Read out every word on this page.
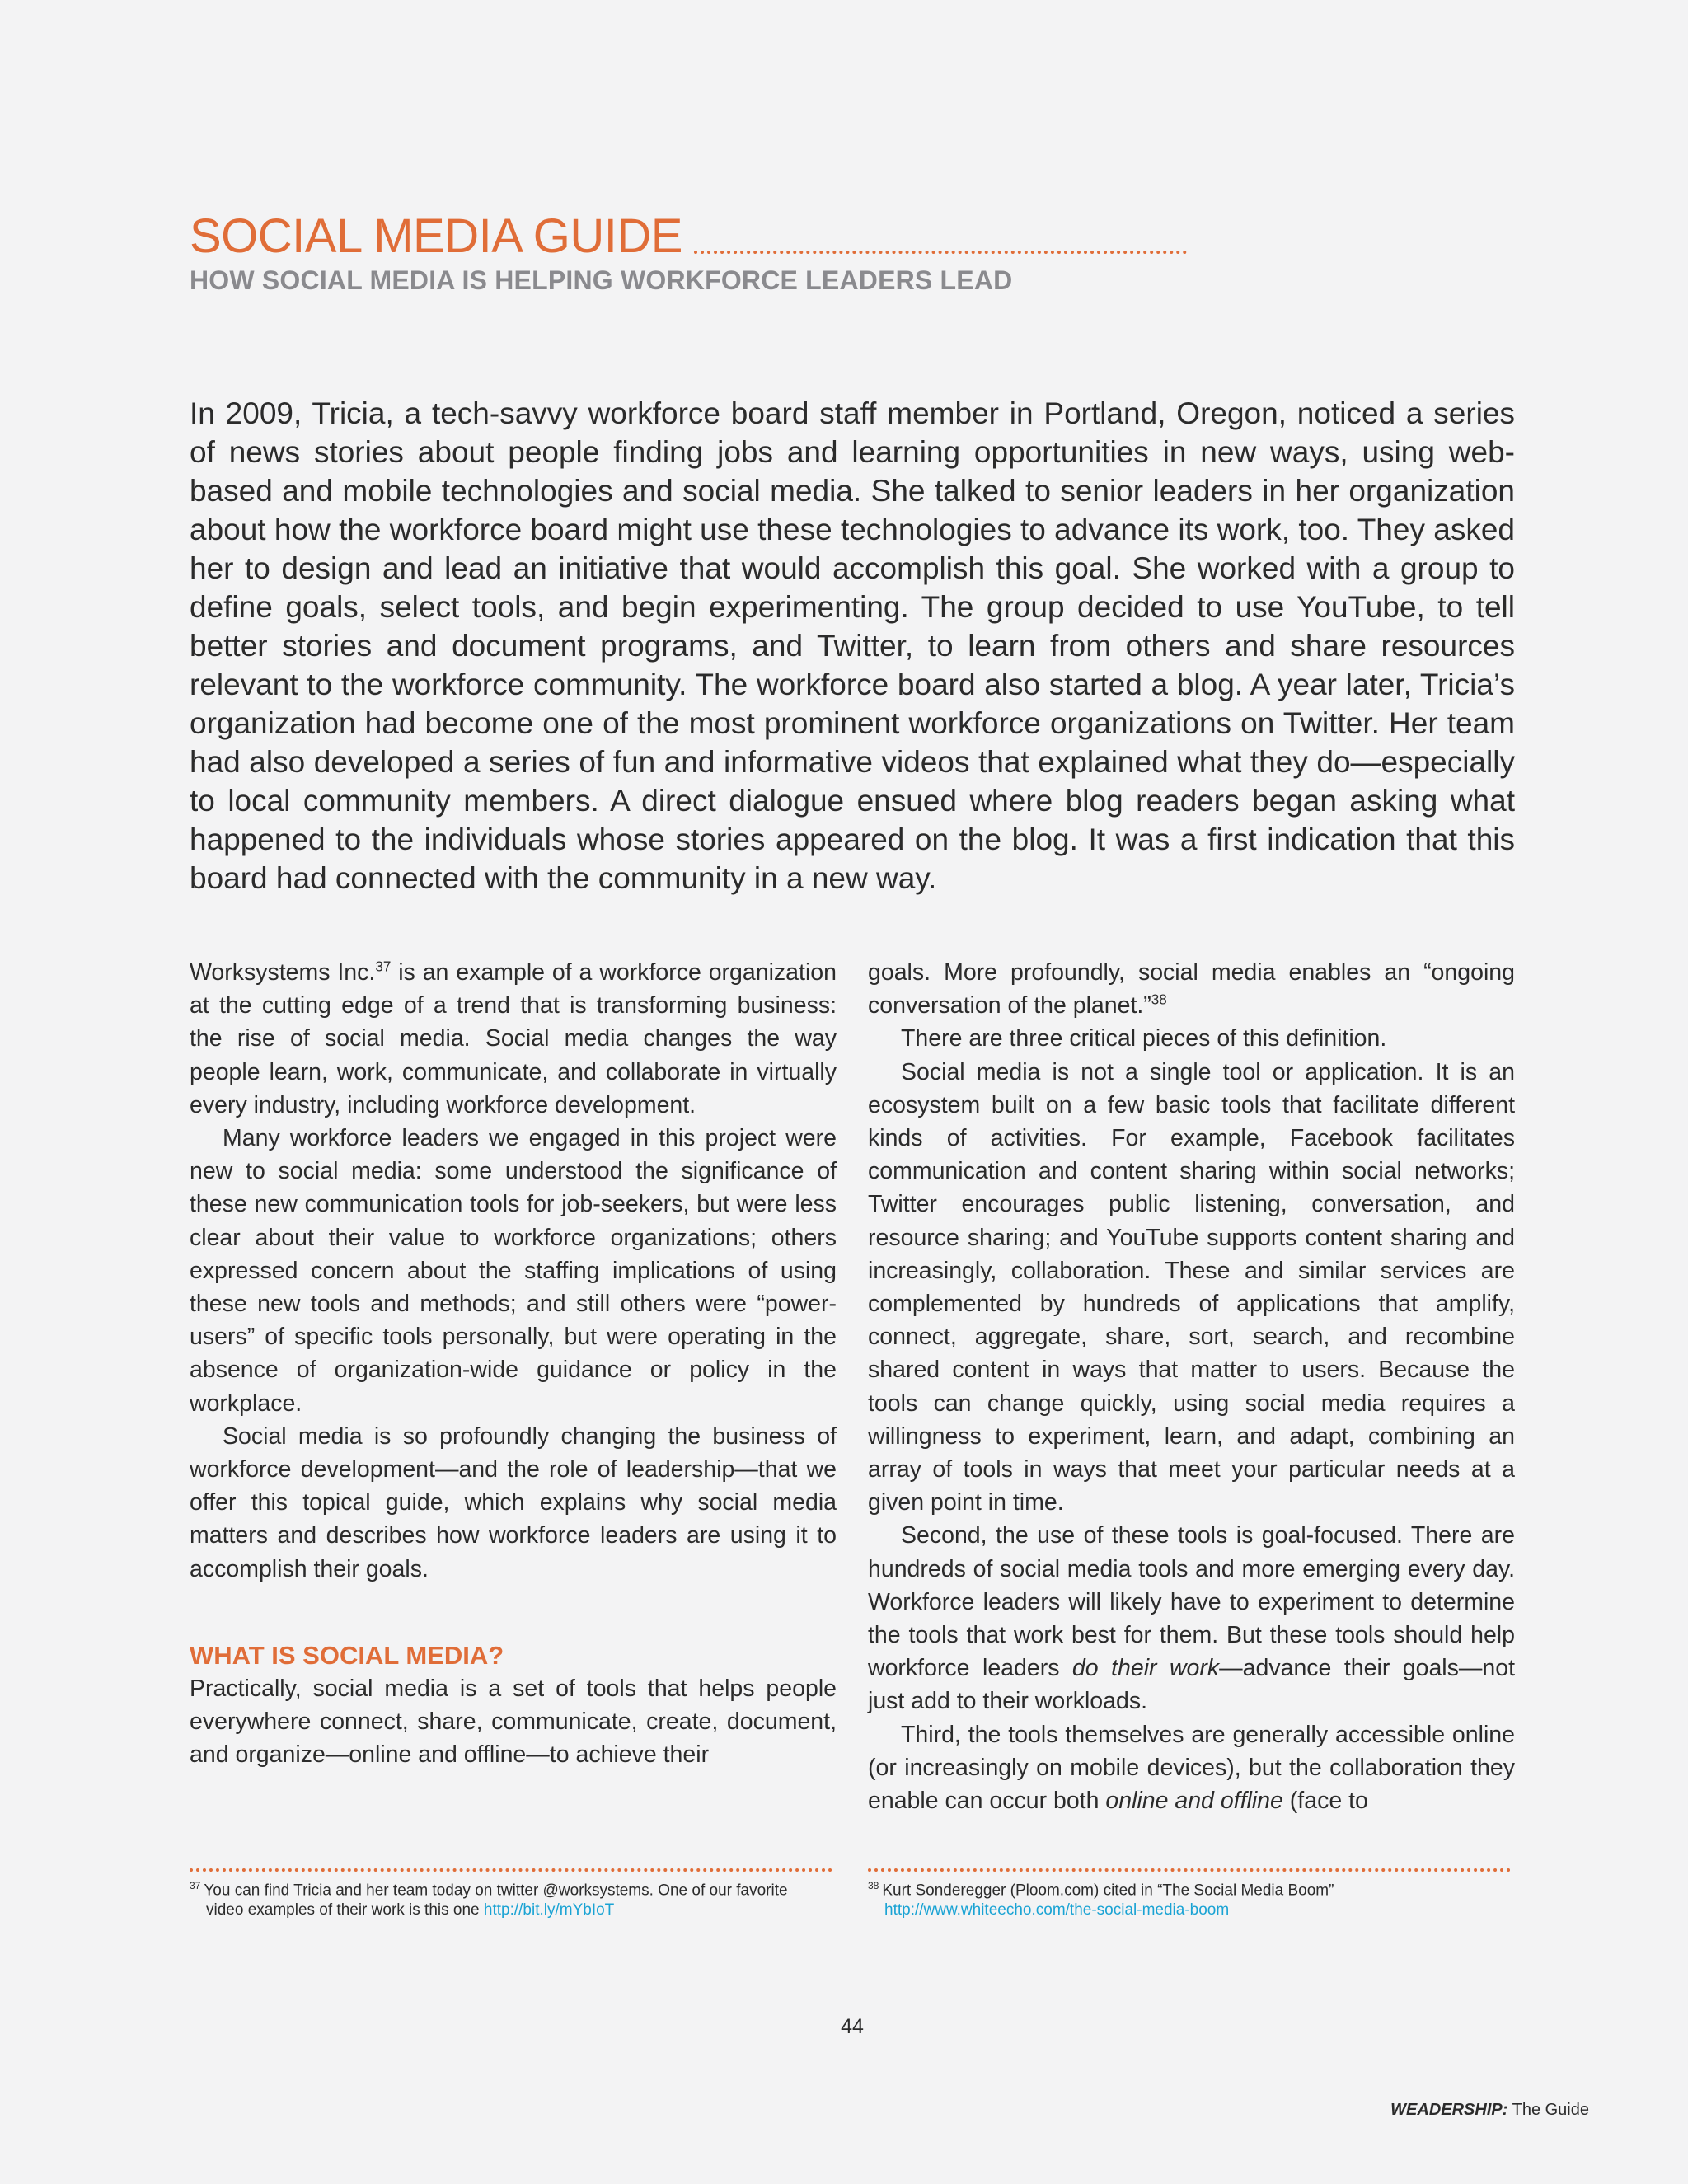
SOCIAL MEDIA GUIDE
HOW SOCIAL MEDIA IS HELPING WORKFORCE LEADERS LEAD
In 2009, Tricia, a tech-savvy workforce board staff member in Portland, Oregon, noticed a series of news stories about people finding jobs and learning opportunities in new ways, using web-based and mobile technologies and social media. She talked to senior leaders in her organization about how the workforce board might use these technologies to advance its work, too. They asked her to design and lead an initiative that would accomplish this goal. She worked with a group to define goals, select tools, and begin experimenting. The group decided to use YouTube, to tell better stories and document programs, and Twitter, to learn from others and share resources relevant to the workforce community. The workforce board also started a blog. A year later, Tricia’s organization had become one of the most prominent workforce organizations on Twitter. Her team had also developed a series of fun and informative videos that explained what they do—especially to local community members. A direct dialogue ensued where blog readers began asking what happened to the individuals whose stories appeared on the blog. It was a first indication that this board had connected with the community in a new way.

Worksystems Inc.$^{37}$ is an example of a workforce organization at the cutting edge of a trend that is transforming business: the rise of social media. Social media changes the way people learn, work, communicate, and collaborate in virtually every industry, including workforce development.

Many workforce leaders we engaged in this project were new to social media: some understood the significance of these new communication tools for job-seekers, but were less clear about their value to workforce organizations; others expressed concern about the staffing implications of using these new tools and methods; and still others were “power-users” of specific tools personally, but were operating in the absence of organization-wide guidance or policy in the workplace.

Social media is so profoundly changing the business of workforce development—and the role of leadership—that we offer this topical guide, which explains why social media matters and describes how workforce leaders are using it to accomplish their goals.

WHAT IS SOCIAL MEDIA?

Practically, social media is a set of tools that helps people everywhere connect, share, communicate, create, document, and organize—online and offline—to achieve their

goals. More profoundly, social media enables an “ongoing conversation of the planet.”$^{38}$

There are three critical pieces of this definition.

Social media is not a single tool or application. It is an ecosystem built on a few basic tools that facilitate different kinds of activities. For example, Facebook facilitates communication and content sharing within social networks; Twitter encourages public listening, conversation, and resource sharing; and YouTube supports content sharing and increasingly, collaboration. These and similar services are complemented by hundreds of applications that amplify, connect, aggregate, share, sort, search, and recombine shared content in ways that matter to users. Because the tools can change quickly, using social media requires a willingness to experiment, learn, and adapt, combining an array of tools in ways that meet your particular needs at a given point in time.

Second, the use of these tools is goal-focused. There are hundreds of social media tools and more emerging every day. Workforce leaders will likely have to experiment to determine the tools that work best for them. But these tools should help workforce leaders do their work—advance their goals—not just add to their workloads.

Third, the tools themselves are generally accessible online (or increasingly on mobile devices), but the collaboration they enable can occur both online and offline (face to

$^{37}$ You can find Tricia and her team today on twitter @worksystems. One of our favorite
video examples of their work is this one http://bit.ly/mYbIoT
$^{38}$ Kurt Sonderegger (Ploom.com) cited in “The Social Media Boom”
http://www.whiteecho.com/the-social-media-boom
44
WEADERSHIP: The Guide
